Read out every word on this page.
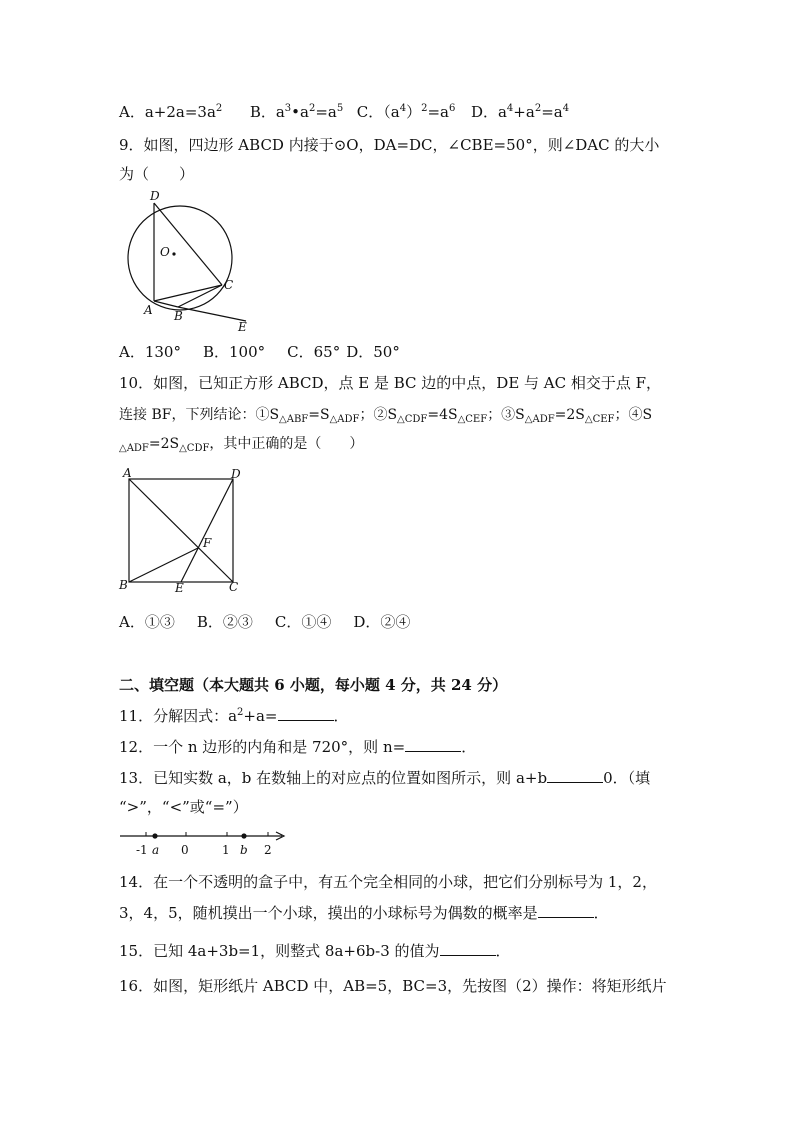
A．$a+2a=3a^2$ B．$a^3•a^2=a^5$ C．$(a^4)^2=a^6$ D．$a^4+a^2=a^4$
9．如图，四边形 ABCD 内接于⊙O，DA=DC，∠CBE=50°，则∠DAC 的大小
为（　　）
D
O
A B
C
E
A．130° B．100° C．65° D．50°
10．如图，已知正方形 ABCD，点 E 是 BC 边的中点，DE 与 AC 相交于点 F，
连接 BF，下列结论：$①S_{\triangle ABF}=S_{\triangle ADF}$；$②S_{\triangle CDF}=4S_{\triangle CEF}$；$③S_{\triangle ADF}=2S_{\triangle CEF}$；④S
$_{\triangle ADF}=2S_{\triangle CDF}$，其中正确的是（　　）
A	D
F
B	E	C
A．①③ B．②③ C．①④ D．②④
二、填空题（本大题共 6 小题，每小题 4 分，共 24 分）
11．分解因式：$a^2+a=$	．
12．一个 n 边形的内角和是 720°，则 n=	．
13．已知实数 a，b 在数轴上的对应点的位置如图所示，则 a+b	0．（填
“>”，“<”或“=”）
-1 a 0	1 b 2
14．在一个不透明的盒子中，有五个完全相同的小球，把它们分别标号为 1，2，
3，4，5，随机摸出一个小球，摸出的小球标号为偶数的概率是	．
15．已知 4a+3b=1，则整式 8a+6b-3 的值为	．
16．如图，矩形纸片 ABCD 中，AB=5，BC=3，先按图（2）操作：将矩形纸片
